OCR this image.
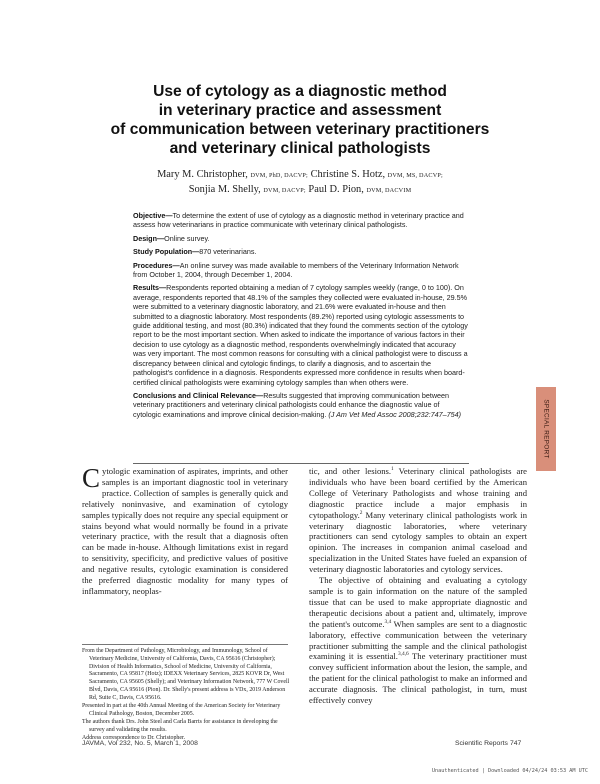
Use of cytology as a diagnostic method
in veterinary practice and assessment
of communication between veterinary practitioners
and veterinary clinical pathologists
Mary M. Christopher, DVM, PhD, DACVP; Christine S. Hotz, DVM, MS, DACVP;
Sonjia M. Shelly, DVM, DACVP; Paul D. Pion, DVM, DACVIM

Objective—To determine the extent of use of cytology as a diagnostic method in veterinary practice and assess how veterinarians in practice communicate with veterinary clinical pathologists.

Design—Online survey.

Study Population—870 veterinarians.

Procedures—An online survey was made available to members of the Veterinary Information Network from October 1, 2004, through December 1, 2004.

Results—Respondents reported obtaining a median of 7 cytology samples weekly (range, 0 to 100). On average, respondents reported that 48.1% of the samples they collected were evaluated in-house, 29.5% were submitted to a veterinary diagnostic laboratory, and 21.6% were evaluated in-house and then submitted to a diagnostic laboratory. Most respondents (89.2%) reported using cytologic assessments to guide additional testing, and most (80.3%) indicated that they found the comments section of the cytology report to be the most important section. When asked to indicate the importance of various factors in their decision to use cytology as a diagnostic method, respondents overwhelmingly indicated that accuracy was very important. The most common reasons for consulting with a clinical pathologist were to discuss a discrepancy between clinical and cytologic findings, to clarify a diagnosis, and to ascertain the pathologist's confidence in a diagnosis. Respondents expressed more confidence in results when board-certified clinical pathologists were examining cytology samples than when others were.

Conclusions and Clinical Relevance—Results suggested that improving communication between veterinary practitioners and veterinary clinical pathologists could enhance the diagnostic value of cytologic examinations and improve clinical decision-making. (J Am Vet Med Assoc 2008;232:747–754)	SPECIAL REPORT

Cytologic examination of aspirates, imprints, and other samples is an important diagnostic tool in veterinary practice. Collection of samples is generally quick and relatively noninvasive, and examination of cytology samples typically does not require any special equipment or stains beyond what would normally be found in a private veterinary practice, with the result that a diagnosis often can be made in-house. Although limitations exist in regard to sensitivity, specificity, and predictive values of positive and negative results, cytologic examination is considered the preferred diagnostic modality for many types of inflammatory, neoplas-

tic, and other lesions.$^1$ Veterinary clinical pathologists are individuals who have been board certified by the American College of Veterinary Pathologists and whose training and diagnostic practice include a major emphasis in cytopathology.$^2$ Many veterinary clinical pathologists work in veterinary diagnostic laboratories, where veterinary practitioners can send cytology samples to obtain an expert opinion. The increases in companion animal caseload and specialization in the United States have fueled an expansion of veterinary diagnostic laboratories and cytology services.

The objective of obtaining and evaluating a cytology sample is to gain information on the nature of the sampled tissue that can be used to make appropriate diagnostic and therapeutic decisions about a patient and, ultimately, improve the patient's outcome.$^{3,4}$ When samples are sent to a diagnostic laboratory, effective communication between the veterinary practitioner submitting the sample and the clinical pathologist examining it is essential.$^{3,4,6}$ The veterinary practitioner must convey sufficient information about the lesion, the sample, and the patient for the clinical pathologist to make an informed and accurate diagnosis. The clinical pathologist, in turn, must effectively convey

From the Department of Pathology, Microbiology, and Immunology, School of Veterinary Medicine, University of California, Davis, CA 95616 (Christopher); Division of Health Informatics, School of Medicine, University of California, Sacramento, CA 95817 (Hotz); IDEXX Veterinary Services, 2825 KOVR Dr, West Sacramento, CA 95605 (Shelly); and Veterinary Information Network, 777 W Covell Blvd, Davis, CA 95616 (Pion). Dr. Shelly's present address is VDx, 2019 Anderson Rd, Suite C, Davis, CA 95616.

Presented in part at the 40th Annual Meeting of the American Society for Veterinary Clinical Pathology, Boston, December 2005.

The authors thank Drs. John Steel and Carla Barrts for assistance in developing the survey and validating the results.

Address correspondence to Dr. Christopher.

JAVMA, Vol 232, No. 5, March 1, 2008	Scientific Reports 747
Unauthenticated | Downloaded 04/24/24 03:53 AM UTC
